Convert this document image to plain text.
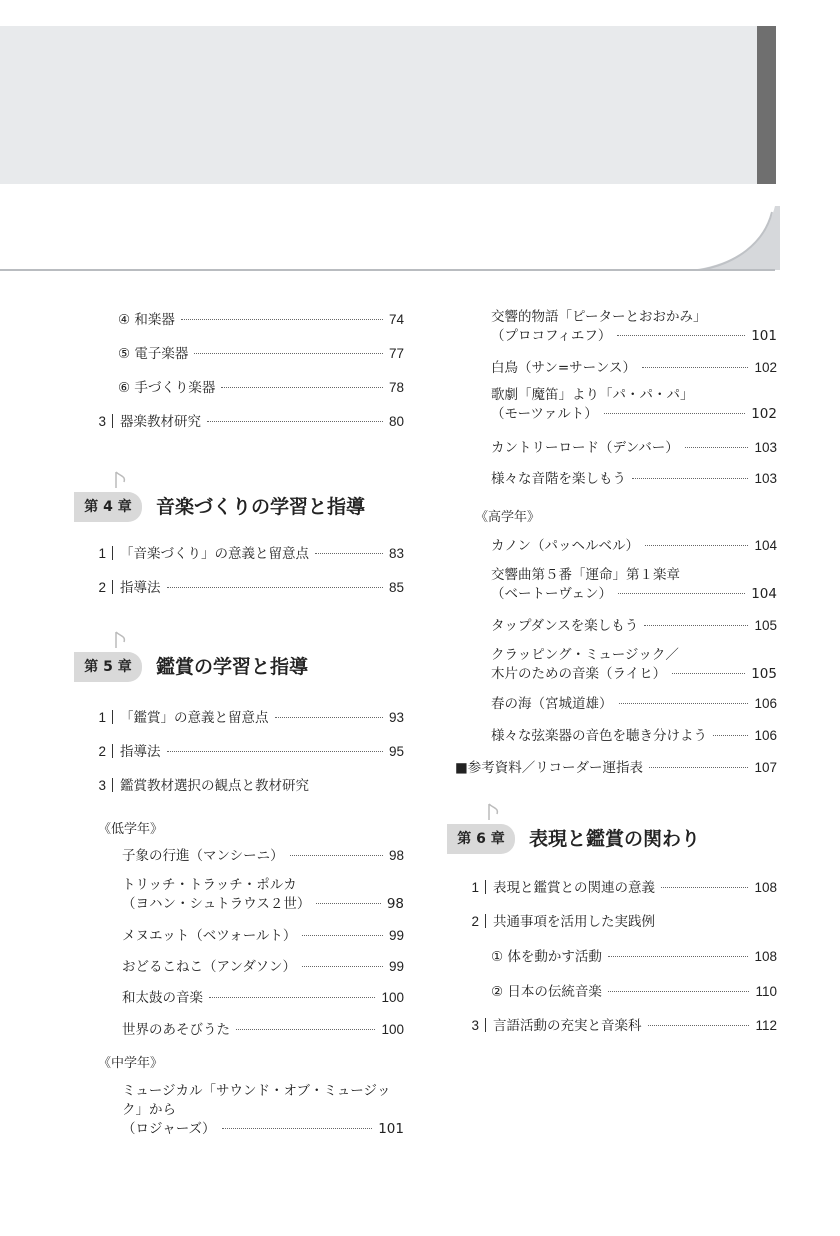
④ 和楽器	74
⑤ 電子楽器	77
⑥ 手づくり楽器	78
3 器楽教材研究	80
第 4 章	音楽づくりの学習と指導
1 「音楽づくり」の意義と留意点	83
2 指導法	85
第 5 章	鑑賞の学習と指導
1 「鑑賞」の意義と留意点	93
2 指導法	95
3 鑑賞教材選択の観点と教材研究
《低学年》
子象の行進（マンシーニ）	98
トリッチ・トラッチ・ポルカ
（ヨハン・シュトラウス２世）	98
メヌエット（ベツォールト）	99
おどるこねこ（アンダソン）	99
和太鼓の音楽	100
世界のあそびうた	100
《中学年》
ミュージカル「サウンド・オブ・ミュージック」から
（ロジャーズ）	101
交響的物語「ピーターとおおかみ」
（プロコフィエフ）	101
白鳥（サン=サーンス）	102
歌劇「魔笛」より「パ・パ・パ」
（モーツァルト）	102
カントリーロード（デンバー）	103
様々な音階を楽しもう	103
《高学年》
カノン（パッヘルベル）	104
交響曲第５番「運命」第１楽章
（ベートーヴェン）	104
タップダンスを楽しもう	105
クラッピング・ミュージック／
木片のための音楽（ライヒ）	105
春の海（宮城道雄）	106
様々な弦楽器の音色を聴き分けよう	106
■参考資料／リコーダー運指表	107
第 6 章	表現と鑑賞の関わり
1 表現と鑑賞との関連の意義	108
2 共通事項を活用した実践例
① 体を動かす活動	108
② 日本の伝統音楽	110
3 言語活動の充実と音楽科	112
